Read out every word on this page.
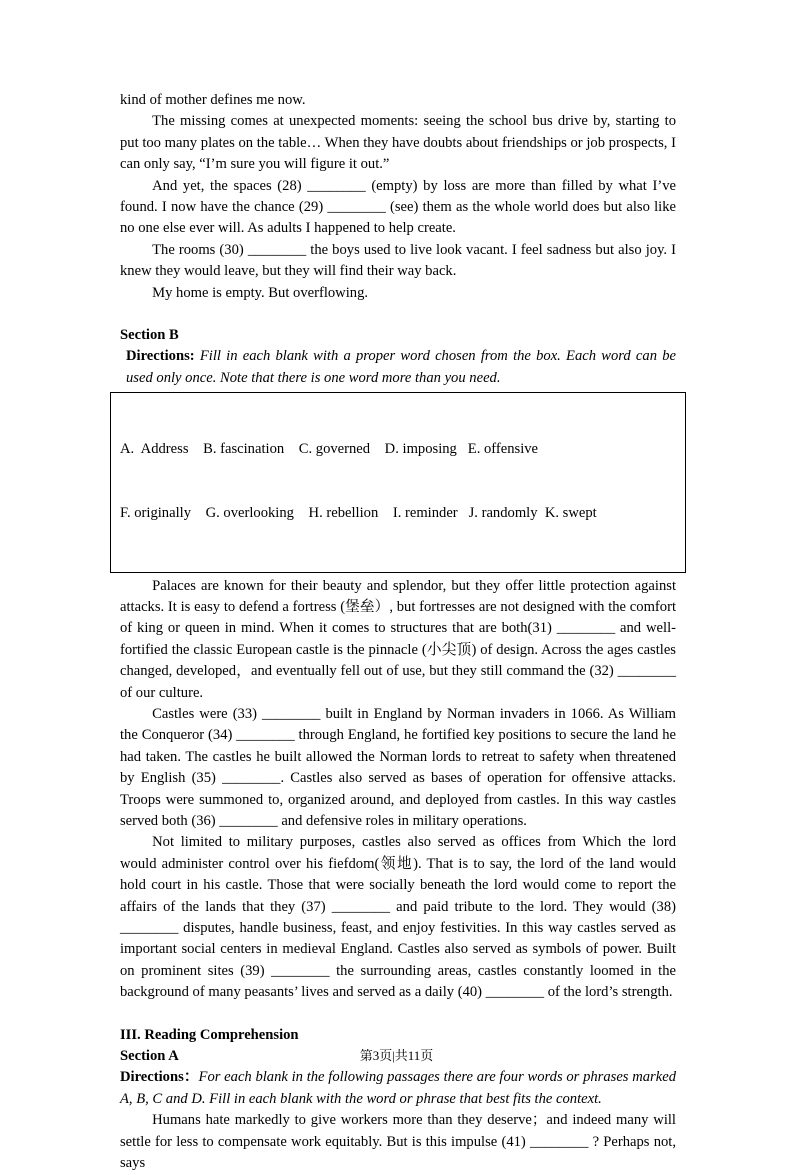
kind of mother defines me now.

The missing comes at unexpected moments: seeing the school bus drive by, starting to put too many plates on the table… When they have doubts about friendships or job prospects, I can only say, “I’m sure you will figure it out.”

And yet, the spaces (28) ________ (empty) by loss are more than filled by what I’ve found. I now have the chance (29) ________ (see) them as the whole world does but also like no one else ever will. As adults I happened to help create.

The rooms (30) ________ the boys used to live look vacant. I feel sadness but also joy. I knew they would leave, but they will find their way back.

My home is empty. But overflowing.

Section B

Directions: Fill in each blank with a proper word chosen from the box. Each word can be used only once. Note that there is one word more than you need.

A.  Address    B. fascination    C. governed    D. imposing   E. offensive

F. originally    G. overlooking    H. rebellion    I. reminder   J. randomly  K. swept

Palaces are known for their beauty and splendor, but they offer little protection against attacks. It is easy to defend a fortress (堡垒）, but fortresses are not designed with the comfort of king or queen in mind. When it comes to structures that are both(31) ________ and well-fortified the classic European castle is the pinnacle (小尖顶) of design. Across the ages castles changed, developed，and eventually fell out of use, but they still command the (32) ________ of our culture.

Castles were (33) ________ built in England by Norman invaders in 1066. As William the Conqueror (34) ________ through England, he fortified key positions to secure the land he had taken. The castles he built allowed the Norman lords to retreat to safety when threatened by English (35) ________. Castles also served as bases of operation for offensive attacks. Troops were summoned to, organized around, and deployed from castles. In this way castles served both (36) ________ and defensive roles in military operations.

Not limited to military purposes, castles also served as offices from Which the lord would administer control over his fiefdom(领地). That is to say, the lord of the land would hold court in his castle. Those that were socially beneath the lord would come to report the affairs of the lands that they (37) ________ and paid tribute to the lord. They would (38) ________ disputes, handle business, feast, and enjoy festivities. In this way castles served as important social centers in medieval England. Castles also served as symbols of power. Built on prominent sites (39) ________ the surrounding areas, castles constantly loomed in the background of many peasants’ lives and served as a daily (40) ________ of the lord’s strength.

III. Reading Comprehension

Section A

Directions：For each blank in the following passages there are four words or phrases marked A, B, C and D. Fill in each blank with the word or phrase that best fits the context.

Humans hate markedly to give workers more than they deserve；and indeed many will settle for less to compensate work equitably. But is this impulse (41) ________ ? Perhaps not, says

第3页|共11页
